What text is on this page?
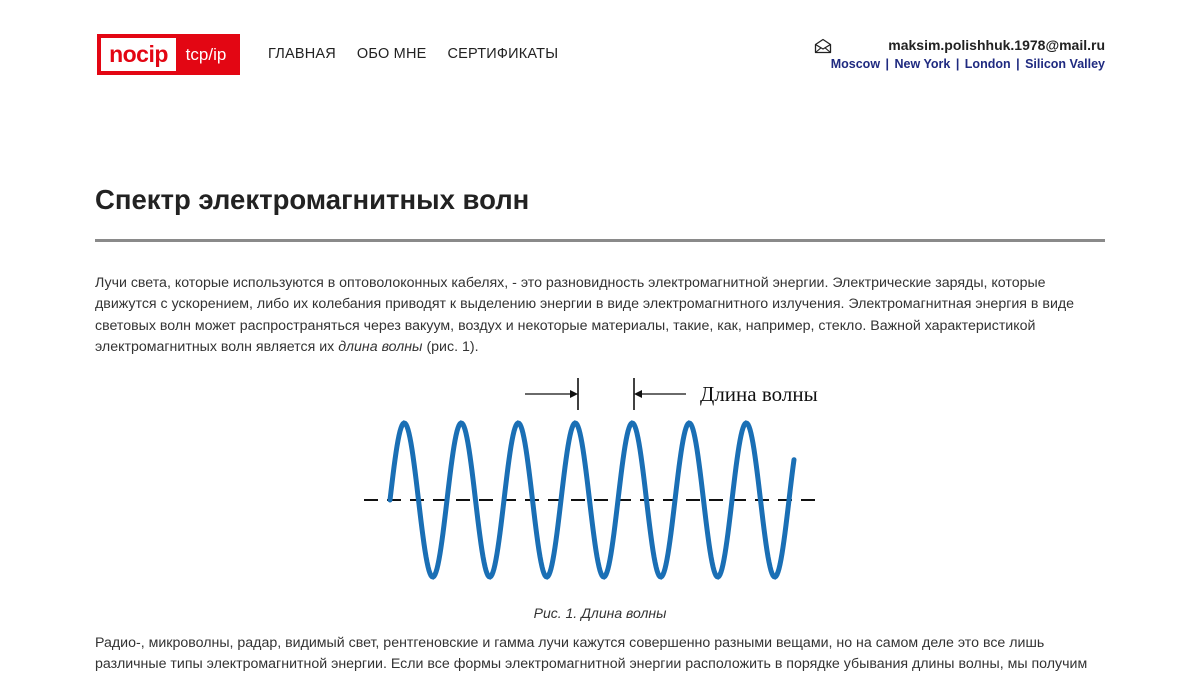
nocip	tcp/ip	ГЛАВНАЯ ОБО МНЕ СЕРТИФИКАТЫ
maksim.polishhuk.1978@mail.ru
Moscow | New York | London | Silicon Valley
Спектр электромагнитных волн

Лучи света, которые используются в оптоволоконных кабелях, - это разновидность электромагнитной энергии. Электрические заряды, которые движутся с ускорением, либо их колебания приводят к выделению энергии в виде электромагнитного излучения. Электромагнитная энергия в виде световых волн может распространяться через вакуум, воздух и некоторые материалы, такие, как, например, стекло. Важной характеристикой электромагнитных волн является их длина волны (рис. 1).

Длина волны
Рис. 1. Длина волны

Радио-, микроволны, радар, видимый свет, рентгеновские и гамма лучи кажутся совершенно разными вещами, но на самом деле это все лишь различные типы электромагнитной энергии. Если все формы электромагнитной энергии расположить в порядке убывания длины волны, мы получим
